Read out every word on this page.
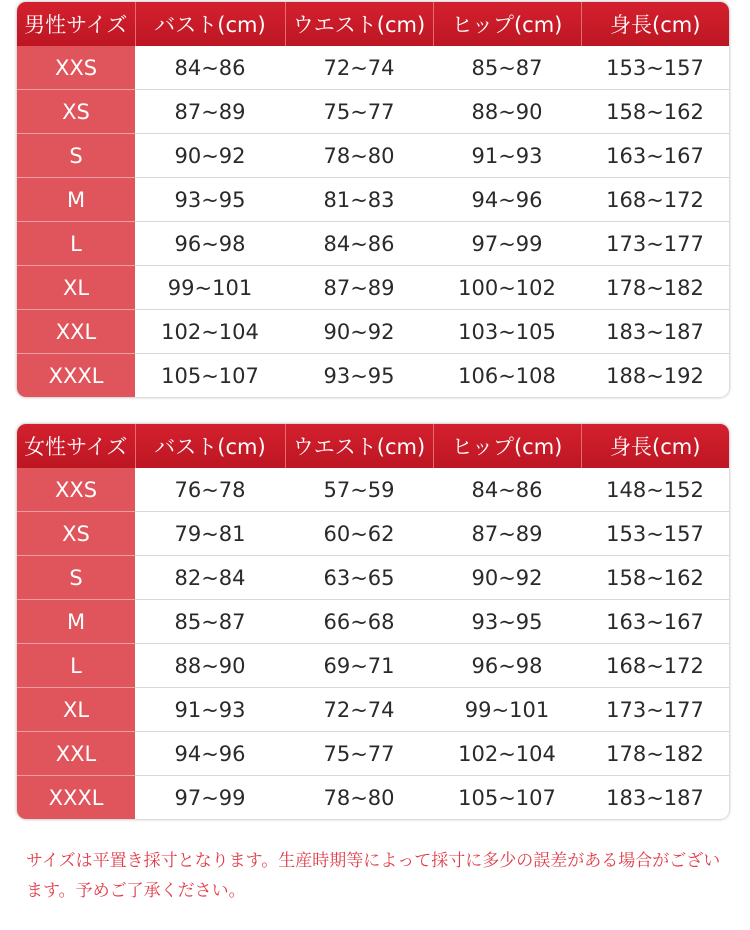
男性サイズ	バスト(cm)	ウエスト(cm)	ヒップ(cm)	身長(cm)
XXS	84~86	72~74	85~87	153~157
XS	87~89	75~77	88~90	158~162
S	90~92	78~80	91~93	163~167
M	93~95	81~83	94~96	168~172
L	96~98	84~86	97~99	173~177
XL	99~101	87~89	100~102	178~182
XXL	102~104	90~92	103~105	183~187
XXXL	105~107	93~95	106~108	188~192
女性サイズ	バスト(cm)	ウエスト(cm)	ヒップ(cm)	身長(cm)
XXS	76~78	57~59	84~86	148~152
XS	79~81	60~62	87~89	153~157
S	82~84	63~65	90~92	158~162
M	85~87	66~68	93~95	163~167
L	88~90	69~71	96~98	168~172
XL	91~93	72~74	99~101	173~177
XXL	94~96	75~77	102~104	178~182
XXXL	97~99	78~80	105~107	183~187

サイズは平置き採寸となります。生産時期等によって採寸に多少の誤差がある場合がございます。予めご了承ください。
